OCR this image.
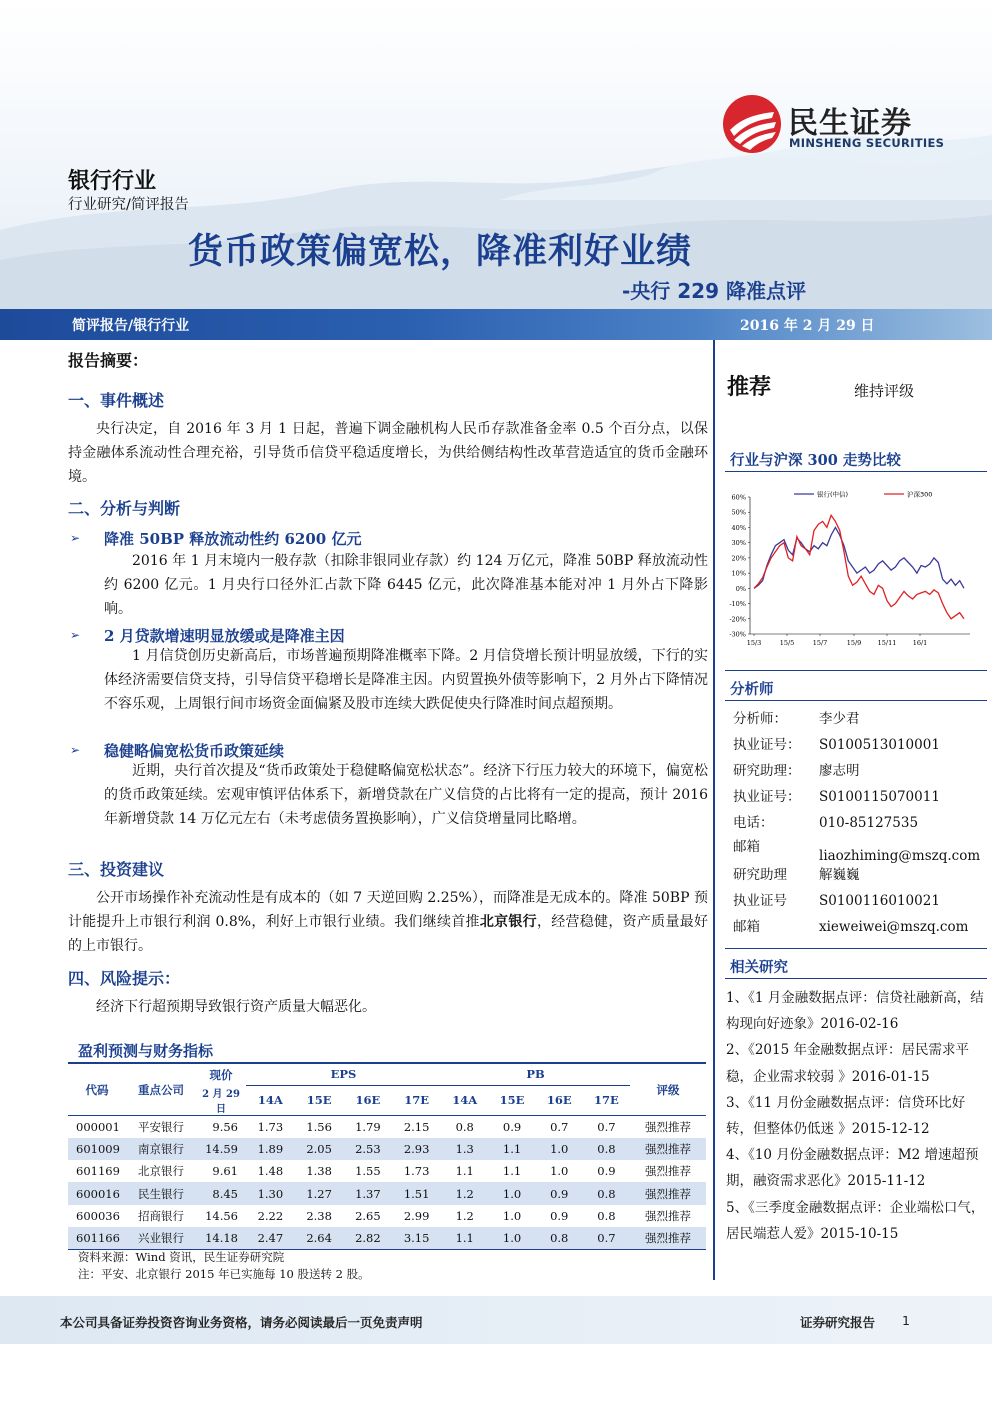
民生证券
MINSHENG SECURITIES
银行行业
行业研究/简评报告
货币政策偏宽松，降准利好业绩
-央行 229 降准点评
简评报告/银行行业	2016 年 2 月 29 日
报告摘要：
一、事件概述
央行决定，自 2016 年 3 月 1 日起，普遍下调金融机构人民币存款准备金率 0.5 个百分点，以保持金融体系流动性合理充裕，引导货币信贷平稳适度增长，为供给侧结构性改革营造适宜的货币金融环境。
二、分析与判断
➢ 降准 50BP 释放流动性约 6200 亿元
2016 年 1 月末境内一般存款（扣除非银同业存款）约 124 万亿元，降准 50BP 释放流动性约 6200 亿元。1 月央行口径外汇占款下降 6445 亿元，此次降准基本能对冲 1 月外占下降影响。
➢ 2 月贷款增速明显放缓或是降准主因
1 月信贷创历史新高后，市场普遍预期降准概率下降。2 月信贷增长预计明显放缓，下行的实体经济需要信贷支持，引导信贷平稳增长是降准主因。内贸置换外债等影响下，2 月外占下降情况不容乐观，上周银行间市场资金面偏紧及股市连续大跌促使央行降准时间点超预期。
➢ 稳健略偏宽松货币政策延续
近期，央行首次提及“货币政策处于稳健略偏宽松状态”。经济下行压力较大的环境下，偏宽松的货币政策延续。宏观审慎评估体系下，新增贷款在广义信贷的占比将有一定的提高，预计 2016 年新增贷款 14 万亿元左右（未考虑债务置换影响），广义信贷增量同比略增。
三、投资建议
公开市场操作补充流动性是有成本的（如 7 天逆回购 2.25%），而降准是无成本的。降准 50BP 预计能提升上市银行利润 0.8%，利好上市银行业绩。我们继续首推北京银行，经营稳健，资产质量最好的上市银行。
四、风险提示：
经济下行超预期导致银行资产质量大幅恶化。
盈利预测与财务指标
代码	重点公司	现价	EPS				PB				评级
		2 月 29 日	14A	15E	16E	17E	14A	15E	16E	17E	
000001	平安银行	9.56	1.73	1.56	1.79	2.15	0.8	0.9	0.7	0.7	强烈推荐
601009	南京银行	14.59	1.89	2.05	2.53	2.93	1.3	1.1	1.0	0.8	强烈推荐
601169	北京银行	9.61	1.48	1.38	1.55	1.73	1.1	1.1	1.0	0.9	强烈推荐
600016	民生银行	8.45	1.30	1.27	1.37	1.51	1.2	1.0	0.9	0.8	强烈推荐
600036	招商银行	14.56	2.22	2.38	2.65	2.99	1.2	1.0	0.9	0.8	强烈推荐
601166	兴业银行	14.18	2.47	2.64	2.82	3.15	1.1	1.0	0.8	0.7	强烈推荐
资料来源：Wind 资讯，民生证券研究院
注：平安、北京银行 2015 年已实施每 10 股送转 2 股。
推荐	维持评级
行业与沪深 300 走势比较
60%
50%
40%
30%
20%
10%
0%
-10%
-20%
-30%
15/3	15/5	15/7	15/9	15/11	16/1
银行(中信)	沪深300
分析师
分析师： 李少君
执业证号： S0100513010001
研究助理： 廖志明
执业证号： S0100115070011
电话：	010-85127535
邮箱liaozhiming@mszq.com
研究助理 解巍巍
执业证号 S0100116010021
邮箱	xieweiwei@mszq.com
相关研究
1、《1 月金融数据点评：信贷社融新高，结构现向好迹象》2016-02-16
2、《2015 年金融数据点评：居民需求平稳，企业需求较弱 》2016-01-15
3、《11 月份金融数据点评：信贷环比好转，但整体仍低迷 》2015-12-12
4、《10 月份金融数据点评：M2 增速超预期，融资需求恶化》2015-11-12
5、《三季度金融数据点评：企业端松口气，居民端惹人爱》2015-10-15
本公司具备证券投资咨询业务资格，请务必阅读最后一页免责声明	证券研究报告 1
